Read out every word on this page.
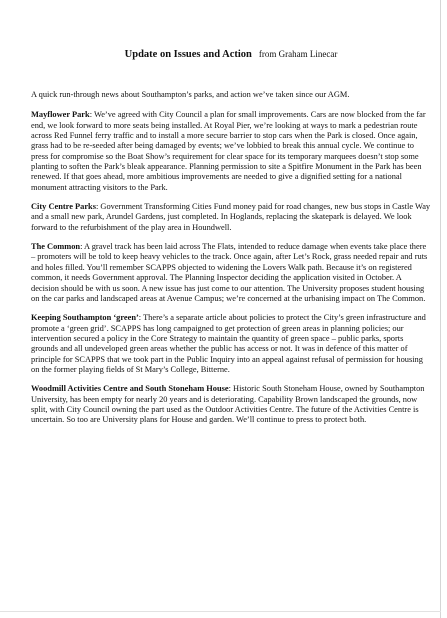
Update on Issues and Action from Graham Linecar

A quick run-through news about Southampton’s parks, and action we’ve taken since our AGM.

Mayflower Park: We’ve agreed with City Council a plan for small improvements. Cars are now blocked from the far end, we look forward to more seats being installed. At Royal Pier, we’re looking at ways to mark a pedestrian route across Red Funnel ferry traffic and to install a more secure barrier to stop cars when the Park is closed. Once again, grass had to be re-seeded after being damaged by events; we’ve lobbied to break this annual cycle. We continue to press for compromise so the Boat Show’s requirement for clear space for its temporary marquees doesn’t stop some planting to soften the Park’s bleak appearance. Planning permission to site a Spitfire Monument in the Park has been renewed. If that goes ahead, more ambitious improvements are needed to give a dignified setting for a national monument attracting visitors to the Park.

City Centre Parks: Government Transforming Cities Fund money paid for road changes, new bus stops in Castle Way and a small new park, Arundel Gardens, just completed. In Hoglands, replacing the skatepark is delayed. We look forward to the refurbishment of the play area in Houndwell.

The Common: A gravel track has been laid across The Flats, intended to reduce damage when events take place there – promoters will be told to keep heavy vehicles to the track. Once again, after Let’s Rock, grass needed repair and ruts and holes filled. You’ll remember SCAPPS objected to widening the Lovers Walk path. Because it’s on registered common, it needs Government approval. The Planning Inspector deciding the application visited in October. A decision should be with us soon. A new issue has just come to our attention. The University proposes student housing on the car parks and landscaped areas at Avenue Campus; we’re concerned at the urbanising impact on The Common.

Keeping Southampton ‘green’: There’s a separate article about policies to protect the City’s green infrastructure and promote a ‘green grid’. SCAPPS has long campaigned to get protection of green areas in planning policies; our intervention secured a policy in the Core Strategy to maintain the quantity of green space – public parks, sports grounds and all undeveloped green areas whether the public has access or not. It was in defence of this matter of principle for SCAPPS that we took part in the Public Inquiry into an appeal against refusal of permission for housing on the former playing fields of St Mary’s College, Bitterne.

Woodmill Activities Centre and South Stoneham House: Historic South Stoneham House, owned by Southampton University, has been empty for nearly 20 years and is deteriorating. Capability Brown landscaped the grounds, now split, with City Council owning the part used as the Outdoor Activities Centre. The future of the Activities Centre is uncertain. So too are University plans for House and garden. We’ll continue to press to protect both.
